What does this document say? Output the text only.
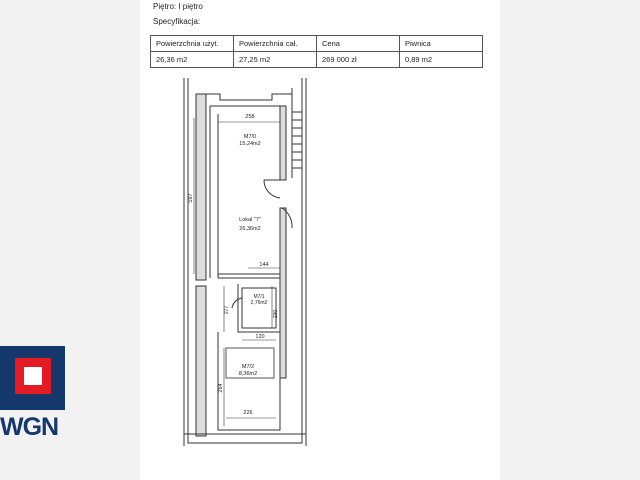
Piętro: I piętro
Specyfikacja:
Powierzchnia użyt.	Powierzchnia cał.	Cena	Piwnica
26,36 m2	27,25 m2	269 000 zł	0,89 m2
M7/0
15,24m2
Lokal "7"
26,36m2
M7/1
2,76m2
M7/2
8,36m2
258
597
144
230
277
120
264
226
WGN
